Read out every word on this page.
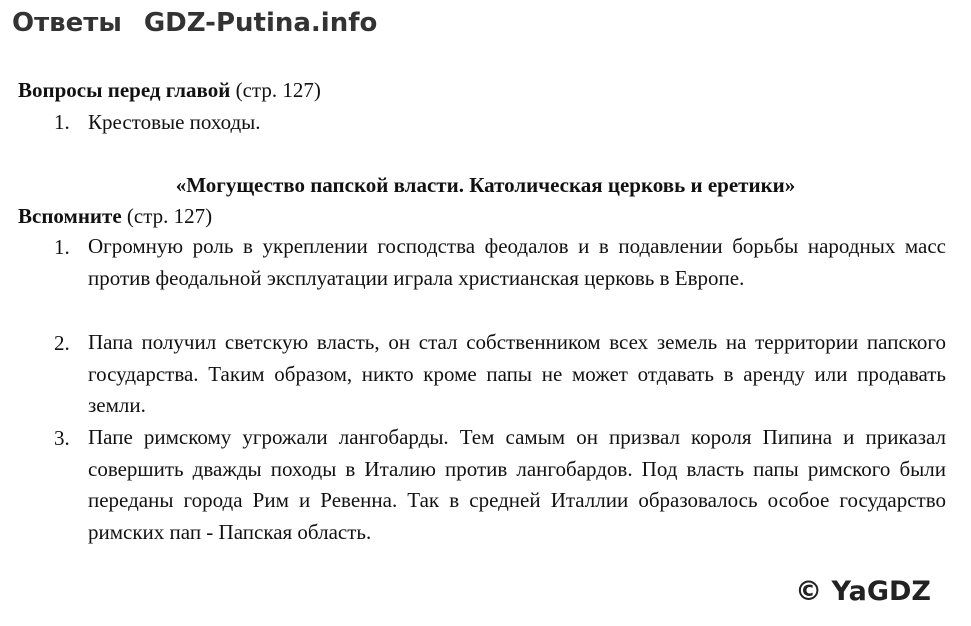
Ответы GDZ-Putina.info
Вопросы перед главой (стр. 127)
1. Крестовые походы.
«Могущество папской власти. Католическая церковь и еретики»
Вспомните (стр. 127)
1. Огромную роль в укреплении господства феодалов и в подавлении борьбы народных масс против феодальной эксплуатации играла христианская церковь в Европе.
2. Папа получил светскую власть, он стал собственником всех земель на территории папского государства. Таким образом, никто кроме папы не может отдавать в аренду или продавать земли.
3. Папе римскому угрожали лангобарды. Тем самым он призвал короля Пипина и приказал совершить дважды походы в Италию против лангобардов. Под власть папы римского были переданы города Рим и Ревенна. Так в средней Италлии образовалось особое государство римских пап - Папская область.
© YaGDZ
